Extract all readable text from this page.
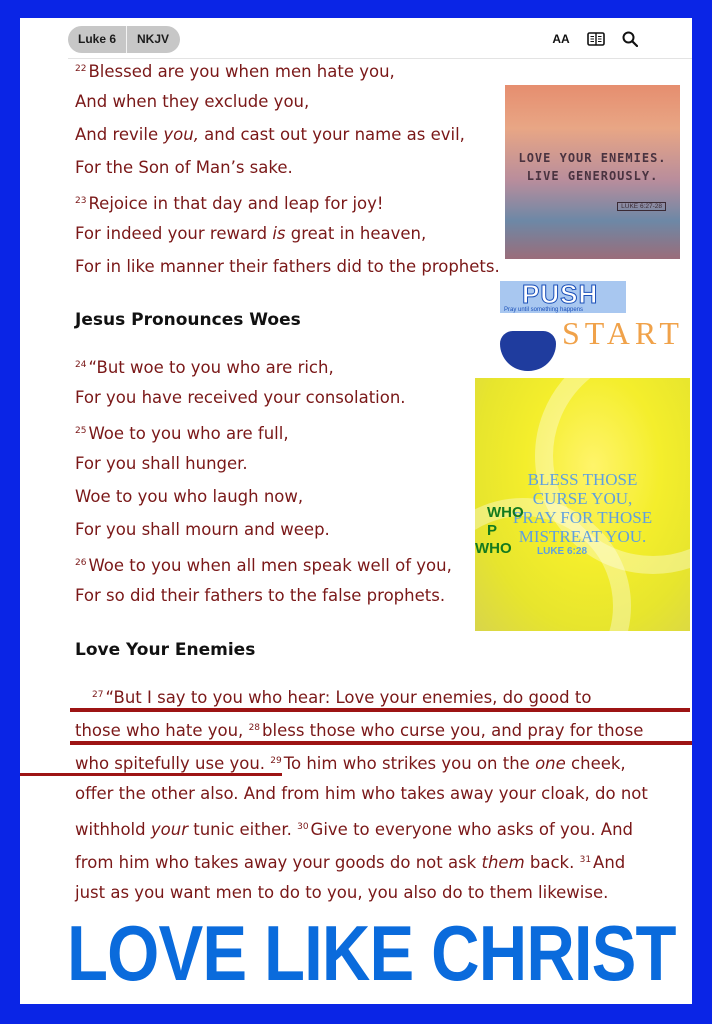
Luke 6	NKJV	AA
$^{22}$ Blessed are you when men hate you,
And when they exclude you,
And revile you, and cast out your name as evil,
For the Son of Man’s sake.
$^{23}$ Rejoice in that day and leap for joy!
For indeed your reward is great in heaven,
For in like manner their fathers did to the prophets.
Jesus Pronounces Woes
$^{24}$ “But woe to you who are rich,
For you have received your consolation.
$^{25}$ Woe to you who are full,
For you shall hunger.
Woe to you who laugh now,
For you shall mourn and weep.
$^{26}$ Woe to you when all men speak well of you,
For so did their fathers to the false prophets.
Love Your Enemies
$^{27}$ “But I say to you who hear: Love your enemies, do good to
those who hate you, $^{28}$ bless those who curse you, and pray for those
who spitefully use you. $^{29}$ To him who strikes you on the one cheek,
offer the other also. And from him who takes away your cloak, do not
withhold your tunic either. $^{30}$ Give to everyone who asks of you. And
from him who takes away your goods do not ask them back. $^{31}$ And
just as you want men to do to you, you also do to them likewise.
LOVE YOUR ENEMIES.
LIVE GENEROUSLY.
LUKE 6:27-28
PUSH
Pray until something happens
START
BLESS THOSE
CURSE YOU,
PRAY FOR THOSE
MISTREAT YOU.
LUKE 6:28
WHO
P
WHO
LOVE LIKE CHRIST
